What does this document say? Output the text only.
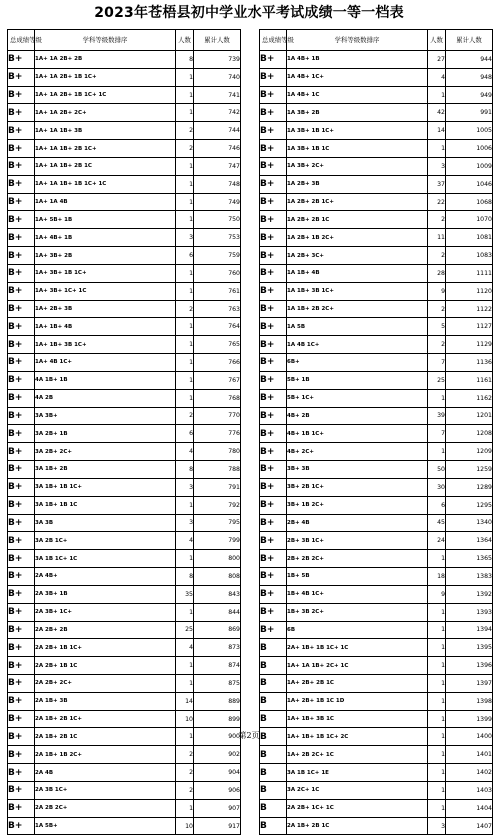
2023年苍梧县初中学业水平考试成绩一等一档表
总成绩等级	学科等级数排序	人数	累计人数
B+	1A+ 1A 2B+ 2B	8	739
B+	1A+ 1A 2B+ 1B 1C+	1	740
B+	1A+ 1A 2B+ 1B 1C+ 1C	1	741
B+	1A+ 1A 2B+ 2C+	1	742
B+	1A+ 1A 1B+ 3B	2	744
B+	1A+ 1A 1B+ 2B 1C+	2	746
B+	1A+ 1A 1B+ 2B 1C	1	747
B+	1A+ 1A 1B+ 1B 1C+ 1C	1	748
B+	1A+ 1A 4B	1	749
B+	1A+ 5B+ 1B	1	750
B+	1A+ 4B+ 1B	3	753
B+	1A+ 3B+ 2B	6	759
B+	1A+ 3B+ 1B 1C+	1	760
B+	1A+ 3B+ 1C+ 1C	1	761
B+	1A+ 2B+ 3B	2	763
B+	1A+ 1B+ 4B	1	764
B+	1A+ 1B+ 3B 1C+	1	765
B+	1A+ 4B 1C+	1	766
B+	4A 1B+ 1B	1	767
B+	4A 2B	1	768
B+	3A 3B+	2	770
B+	3A 2B+ 1B	6	776
B+	3A 2B+ 2C+	4	780
B+	3A 1B+ 2B	8	788
B+	3A 1B+ 1B 1C+	3	791
B+	3A 1B+ 1B 1C	1	792
B+	3A 3B	3	795
B+	3A 2B 1C+	4	799
B+	3A 1B 1C+ 1C	1	800
B+	2A 4B+	8	808
B+	2A 3B+ 1B	35	843
B+	2A 3B+ 1C+	1	844
B+	2A 2B+ 2B	25	869
B+	2A 2B+ 1B 1C+	4	873
B+	2A 2B+ 1B 1C	1	874
B+	2A 2B+ 2C+	1	875
B+	2A 1B+ 3B	14	889
B+	2A 1B+ 2B 1C+	10	899
B+	2A 1B+ 2B 1C	1	900
B+	2A 1B+ 1B 2C+	2	902
B+	2A 4B	2	904
B+	2A 3B 1C+	2	906
B+	2A 2B 2C+	1	907
B+	1A 5B+	10	917
总成绩等级	学科等级数排序	人数	累计人数
B+	1A 4B+ 1B	27	944
B+	1A 4B+ 1C+	4	948
B+	1A 4B+ 1C	1	949
B+	1A 3B+ 2B	42	991
B+	1A 3B+ 1B 1C+	14	1005
B+	1A 3B+ 1B 1C	1	1006
B+	1A 3B+ 2C+	3	1009
B+	1A 2B+ 3B	37	1046
B+	1A 2B+ 2B 1C+	22	1068
B+	1A 2B+ 2B 1C	2	1070
B+	1A 2B+ 1B 2C+	11	1081
B+	1A 2B+ 3C+	2	1083
B+	1A 1B+ 4B	28	1111
B+	1A 1B+ 3B 1C+	9	1120
B+	1A 1B+ 2B 2C+	2	1122
B+	1A 5B	5	1127
B+	1A 4B 1C+	2	1129
B+	6B+	7	1136
B+	5B+ 1B	25	1161
B+	5B+ 1C+	1	1162
B+	4B+ 2B	39	1201
B+	4B+ 1B 1C+	7	1208
B+	4B+ 2C+	1	1209
B+	3B+ 3B	50	1259
B+	3B+ 2B 1C+	30	1289
B+	3B+ 1B 2C+	6	1295
B+	2B+ 4B	45	1340
B+	2B+ 3B 1C+	24	1364
B+	2B+ 2B 2C+	1	1365
B+	1B+ 5B	18	1383
B+	1B+ 4B 1C+	9	1392
B+	1B+ 3B 2C+	1	1393
B+	6B	1	1394
B	2A+ 1B+ 1B 1C+ 1C	1	1395
B	1A+ 1A 1B+ 2C+ 1C	1	1396
B	1A+ 2B+ 2B 1C	1	1397
B	1A+ 2B+ 1B 1C 1D	1	1398
B	1A+ 1B+ 3B 1C	1	1399
B	1A+ 1B+ 1B 1C+ 2C	1	1400
B	1A+ 2B 2C+ 1C	1	1401
B	3A 1B 1C+ 1E	1	1402
B	3A 2C+ 1C	1	1403
B	2A 2B+ 1C+ 1C	1	1404
B	2A 1B+ 2B 1C	3	1407
第2页
